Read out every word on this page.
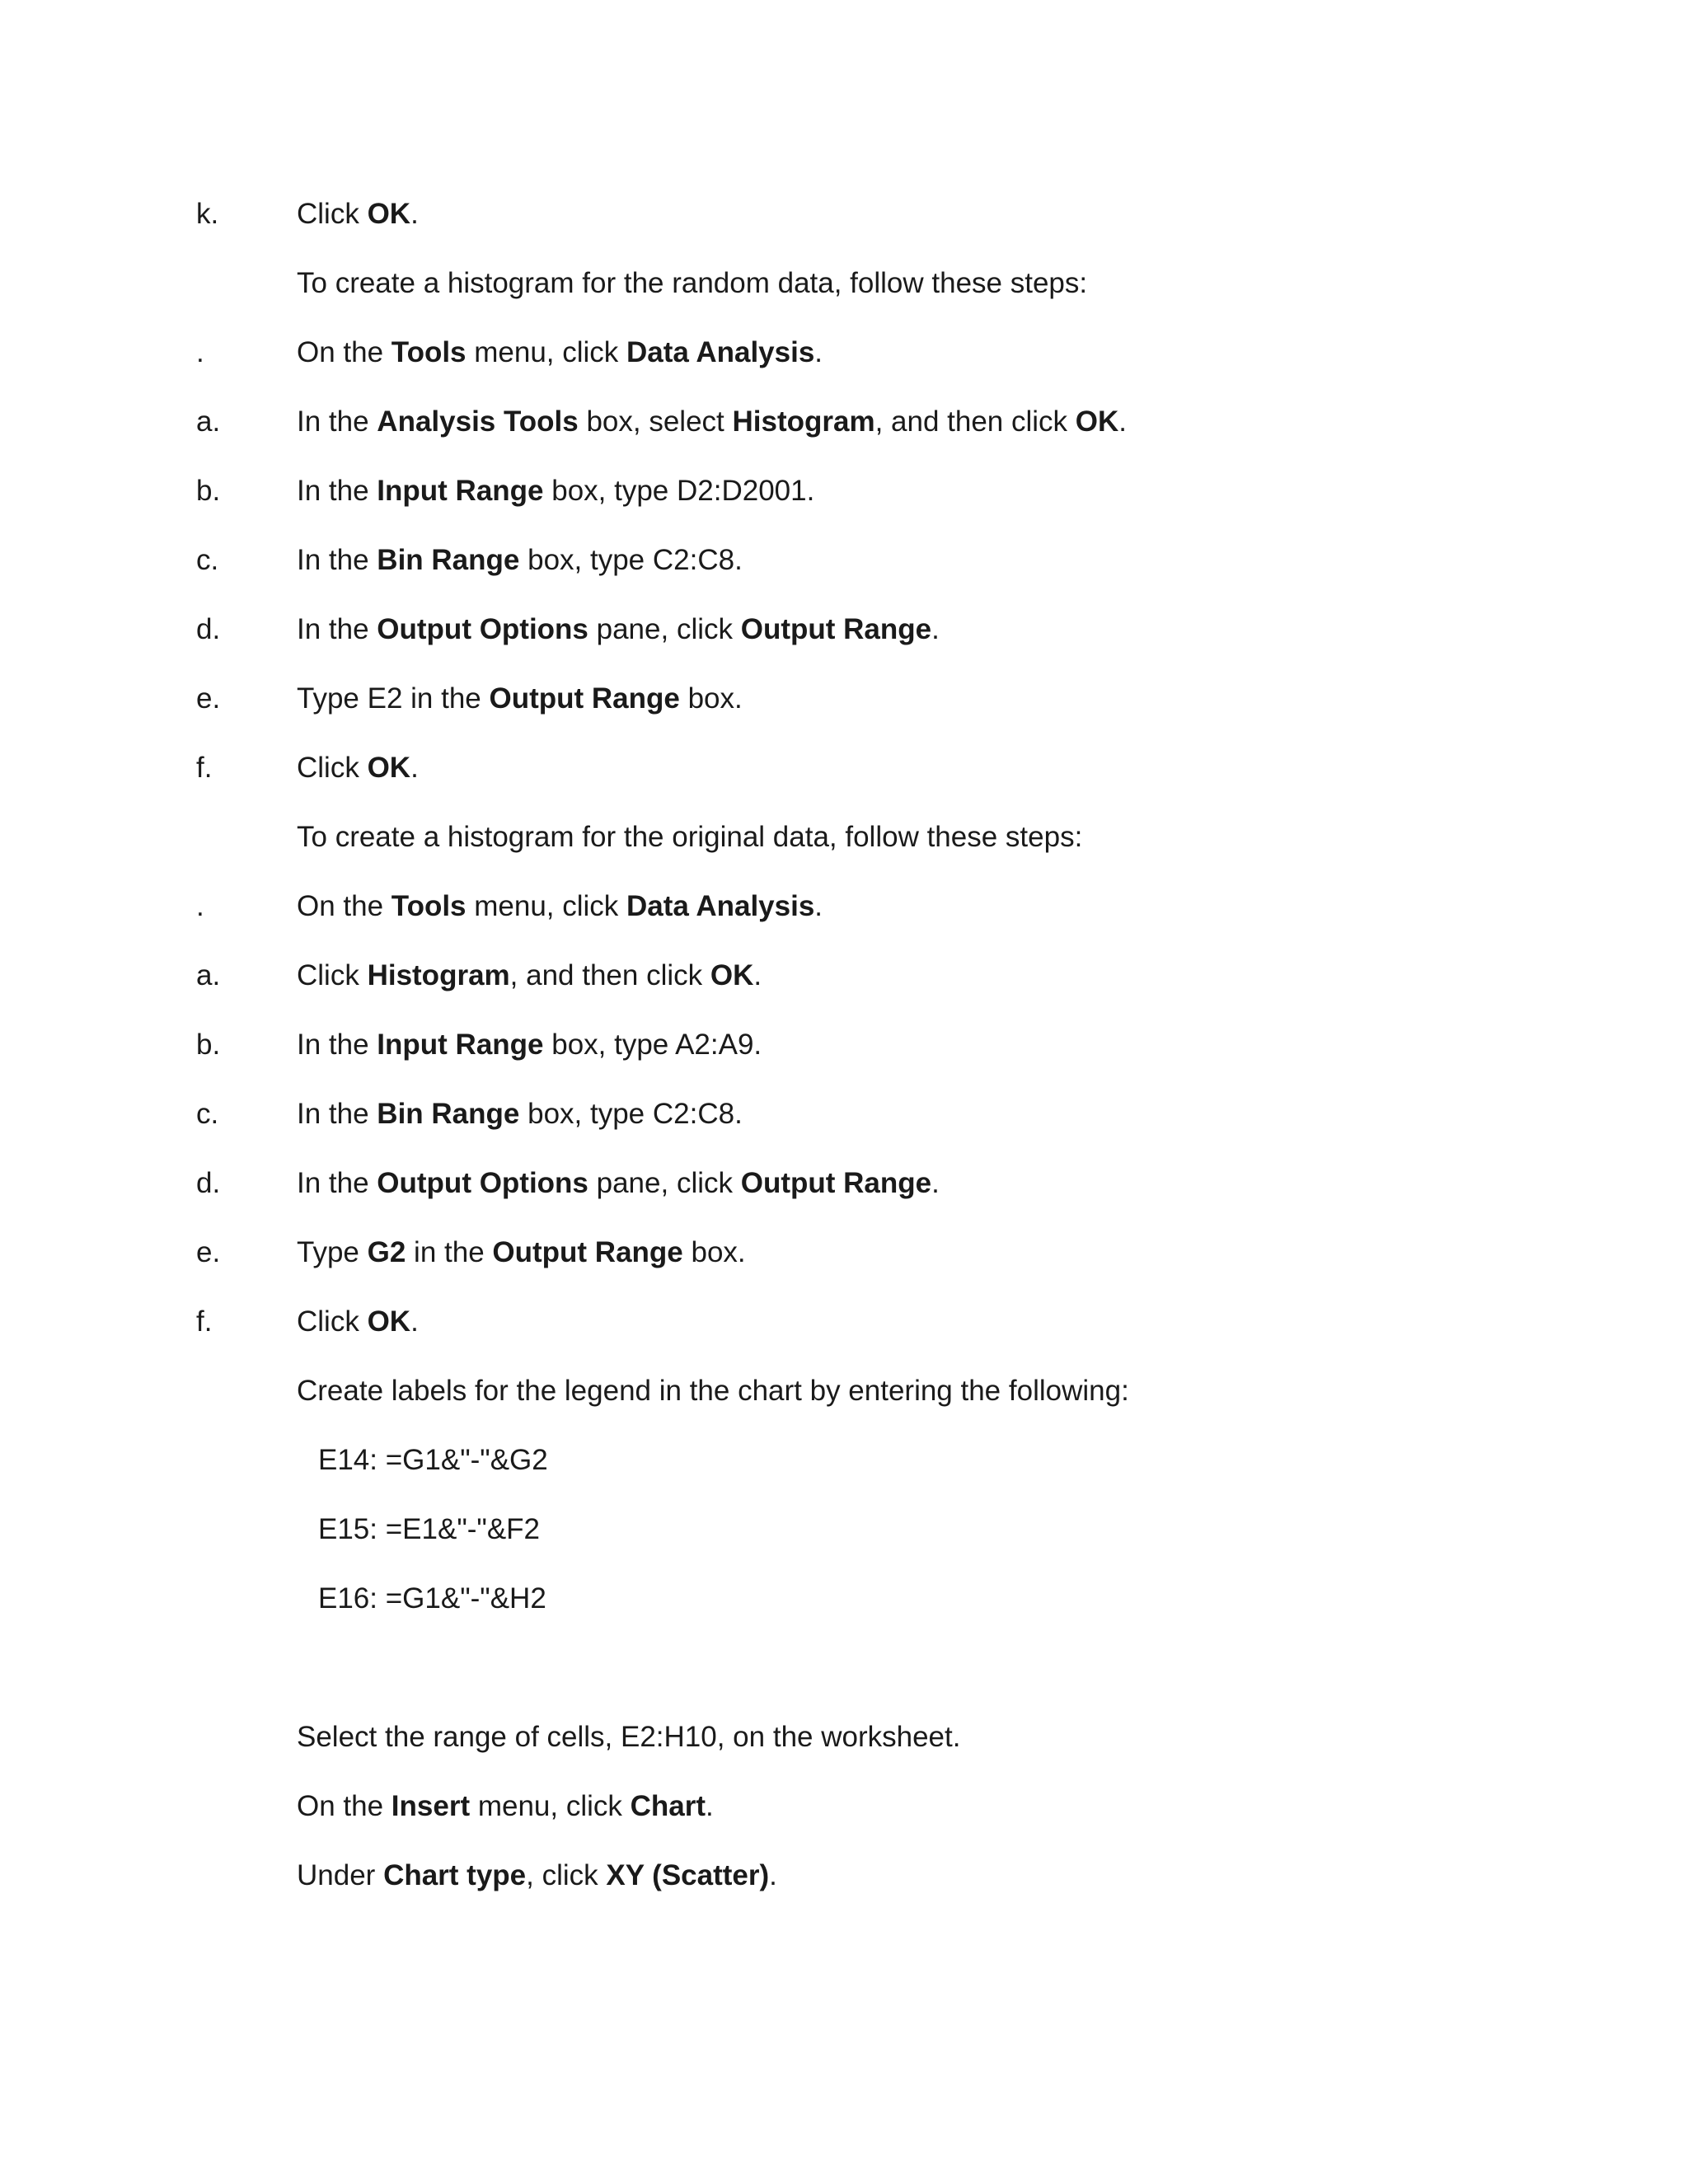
k.	Click OK.
To create a histogram for the random data, follow these steps:
.	On the Tools menu, click Data Analysis.
a.	In the Analysis Tools box, select Histogram, and then click OK.
b.	In the Input Range box, type D2:D2001.
c.	In the Bin Range box, type C2:C8.
d.	In the Output Options pane, click Output Range.
e.	Type E2 in the Output Range box.
f.	Click OK.
To create a histogram for the original data, follow these steps:
.	On the Tools menu, click Data Analysis.
a.	Click Histogram, and then click OK.
b.	In the Input Range box, type A2:A9.
c.	In the Bin Range box, type C2:C8.
d.	In the Output Options pane, click Output Range.
e.	Type G2 in the Output Range box.
f.	Click OK.
Create labels for the legend in the chart by entering the following:
E14: =G1&"-"&G2
E15: =E1&"-"&F2
E16: =G1&"-"&H2
Select the range of cells, E2:H10, on the worksheet.
On the Insert menu, click Chart.
Under Chart type, click XY (Scatter).
